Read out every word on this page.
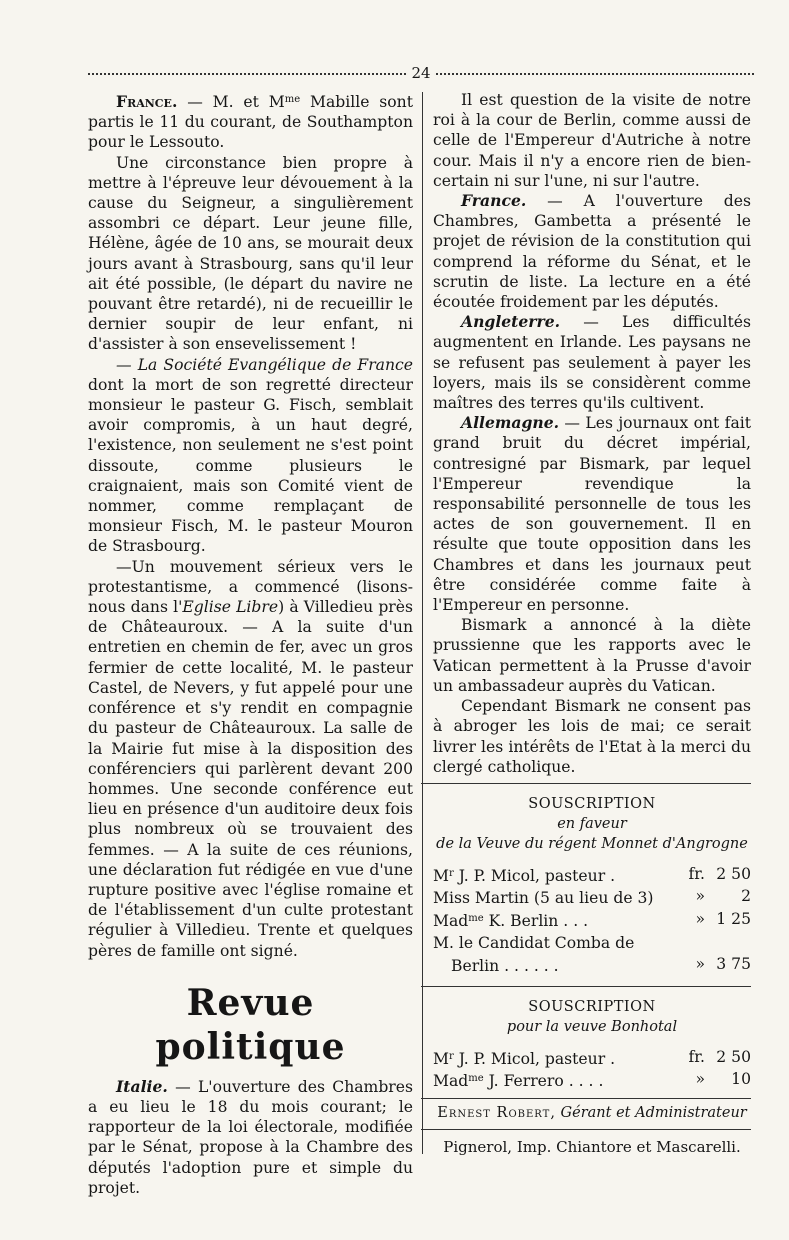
24

France. — M. et $M^{me}$ Mabille sont partis le 11 du courant, de Southampton pour le Lessouto.

Une circonstance bien propre à mettre à l'épreuve leur dévouement à la cause du Seigneur, a singulièrement assombri ce départ. Leur jeune fille, Hélène, âgée de 10 ans, se mourait deux jours avant à Strasbourg, sans qu'il leur ait été possible, (le départ du navire ne pouvant être retardé), ni de recueillir le dernier soupir de leur enfant, ni d'assister à son ensevelissement !

— La Société Evangélique de France dont la mort de son regretté directeur monsieur le pasteur G. Fisch, semblait avoir compromis, à un haut degré, l'existence, non seulement ne s'est point dissoute, comme plusieurs le craignaient, mais son Comité vient de nommer, comme remplaçant de monsieur Fisch, M. le pasteur Mouron de Strasbourg.

—Un mouvement sérieux vers le protestantisme, a commencé (lisons-nous dans l'Eglise Libre) à Villedieu près de Châteauroux. — A la suite d'un entretien en chemin de fer, avec un gros fermier de cette localité, M. le pasteur Castel, de Nevers, y fut appelé pour une conférence et s'y rendit en compagnie du pasteur de Châteauroux. La salle de la Mairie fut mise à la disposition des conférenciers qui parlèrent devant 200 hommes. Une seconde conférence eut lieu en présence d'un auditoire deux fois plus nombreux où se trouvaient des femmes. — A la suite de ces réunions, une déclaration fut rédigée en vue d'une rupture positive avec l'église romaine et de l'établissement d'un culte protestant régulier à Villedieu. Trente et quelques pères de famille ont signé.

Revue politique

Italie. — L'ouverture des Chambres a eu lieu le 18 du mois courant; le rapporteur de la loi électorale, modifiée par le Sénat, propose à la Chambre des députés l'adoption pure et simple du projet.

Il est question de la visite de notre roi à la cour de Berlin, comme aussi de celle de l'Empereur d'Autriche à notre cour. Mais il n'y a encore rien de bien-certain ni sur l'une, ni sur l'autre.

France. — A l'ouverture des Chambres, Gambetta a présenté le projet de révision de la constitution qui comprend la réforme du Sénat, et le scrutin de liste. La lecture en a été écoutée froidement par les députés.

Angleterre. — Les difficultés augmentent en Irlande. Les paysans ne se refusent pas seulement à payer les loyers, mais ils se considèrent comme maîtres des terres qu'ils cultivent.

Allemagne. — Les journaux ont fait grand bruit du décret impérial, contresigné par Bismark, par lequel l'Empereur revendique la responsabilité personnelle de tous les actes de son gouvernement. Il en résulte que toute opposition dans les Chambres et dans les journaux peut être considérée comme faite à l'Empereur en personne.

Bismark a annoncé à la diète prussienne que les rapports avec le Vatican permettent à la Prusse d'avoir un ambassadeur auprès du Vatican.

Cependant Bismark ne consent pas à abroger les lois de mai; ce serait livrer les intérêts de l'Etat à la merci du clergé catholique.

SOUSCRIPTION
en faveur
de la Veuve du régent Monnet d'Angrogne
$M^r$ J. P. Micol, pasteur .	fr. 2 50
Miss Martin (5 au lieu de 3)	»	2
Mad$^{me}$ K. Berlin . . .	» 1 25
M. le Candidat Comba de
Berlin . . . . . .	» 3 75
SOUSCRIPTION
pour la veuve Bonhotal
$M^r$ J. P. Micol, pasteur .	fr. 2 50
Mad$^{me}$ J. Ferrero . . . .	»	10
Ernest Robert, Gérant et Administrateur
Pignerol, Imp. Chiantore et Mascarelli.
